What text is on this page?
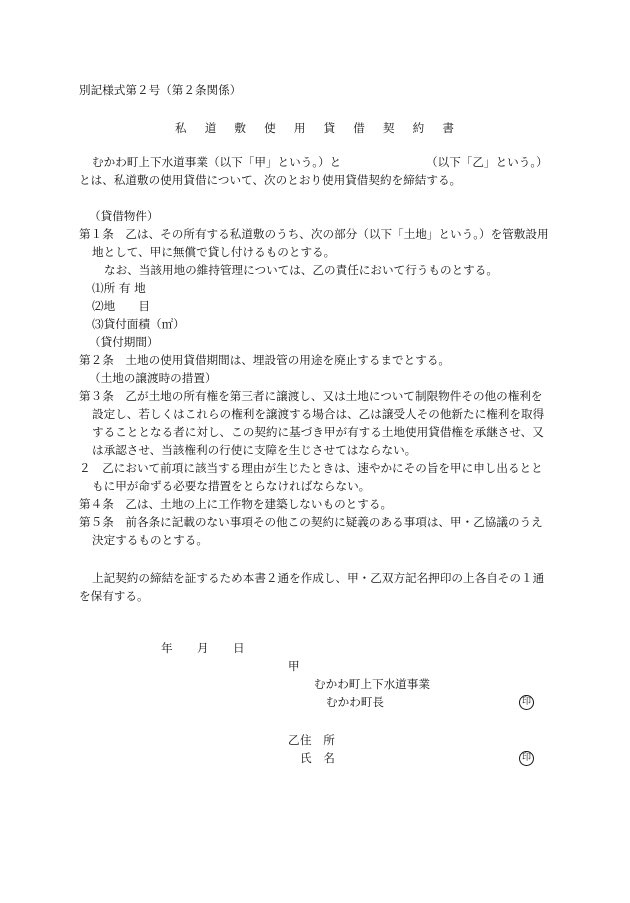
別記様式第２号（第２条関係）
私 道 敷 使 用 貸 借 契 約 書
むかわ町上下水道事業（以下「甲」という。）と	（以下「乙」という。）
とは、私道敷の使用貸借について、次のとおり使用貸借契約を締結する。
（貸借物件）
第１条　乙は、その所有する私道敷のうち、次の部分（以下「土地」という。）を管敷設用
地として、甲に無償で貸し付けるものとする。
なお、当該用地の維持管理については、乙の責任において行うものとする。
⑴所 有 地
⑵地　　目
⑶貸付面積（㎡）
（貸付期間）
第２条　土地の使用貸借期間は、埋設管の用途を廃止するまでとする。
（土地の譲渡時の措置）
第３条　乙が土地の所有権を第三者に譲渡し、又は土地について制限物件その他の権利を
設定し、若しくはこれらの権利を譲渡する場合は、乙は譲受人その他新たに権利を取得
することとなる者に対し、この契約に基づき甲が有する土地使用貸借権を承継させ、又
は承認させ、当該権利の行使に支障を生じさせてはならない。
２　乙において前項に該当する理由が生じたときは、速やかにその旨を甲に申し出るとと
もに甲が命ずる必要な措置をとらなければならない。
第４条　乙は、土地の上に工作物を建築しないものとする。
第５条　前各条に記載のない事項その他この契約に疑義のある事項は、甲・乙協議のうえ
決定するものとする。
上記契約の締結を証するため本書２通を作成し、甲・乙双方記名押印の上各自その１通
を保有する。
年 月 日
甲
むかわ町上下水道事業
むかわ町長	印
乙 住　所
氏　名	印
